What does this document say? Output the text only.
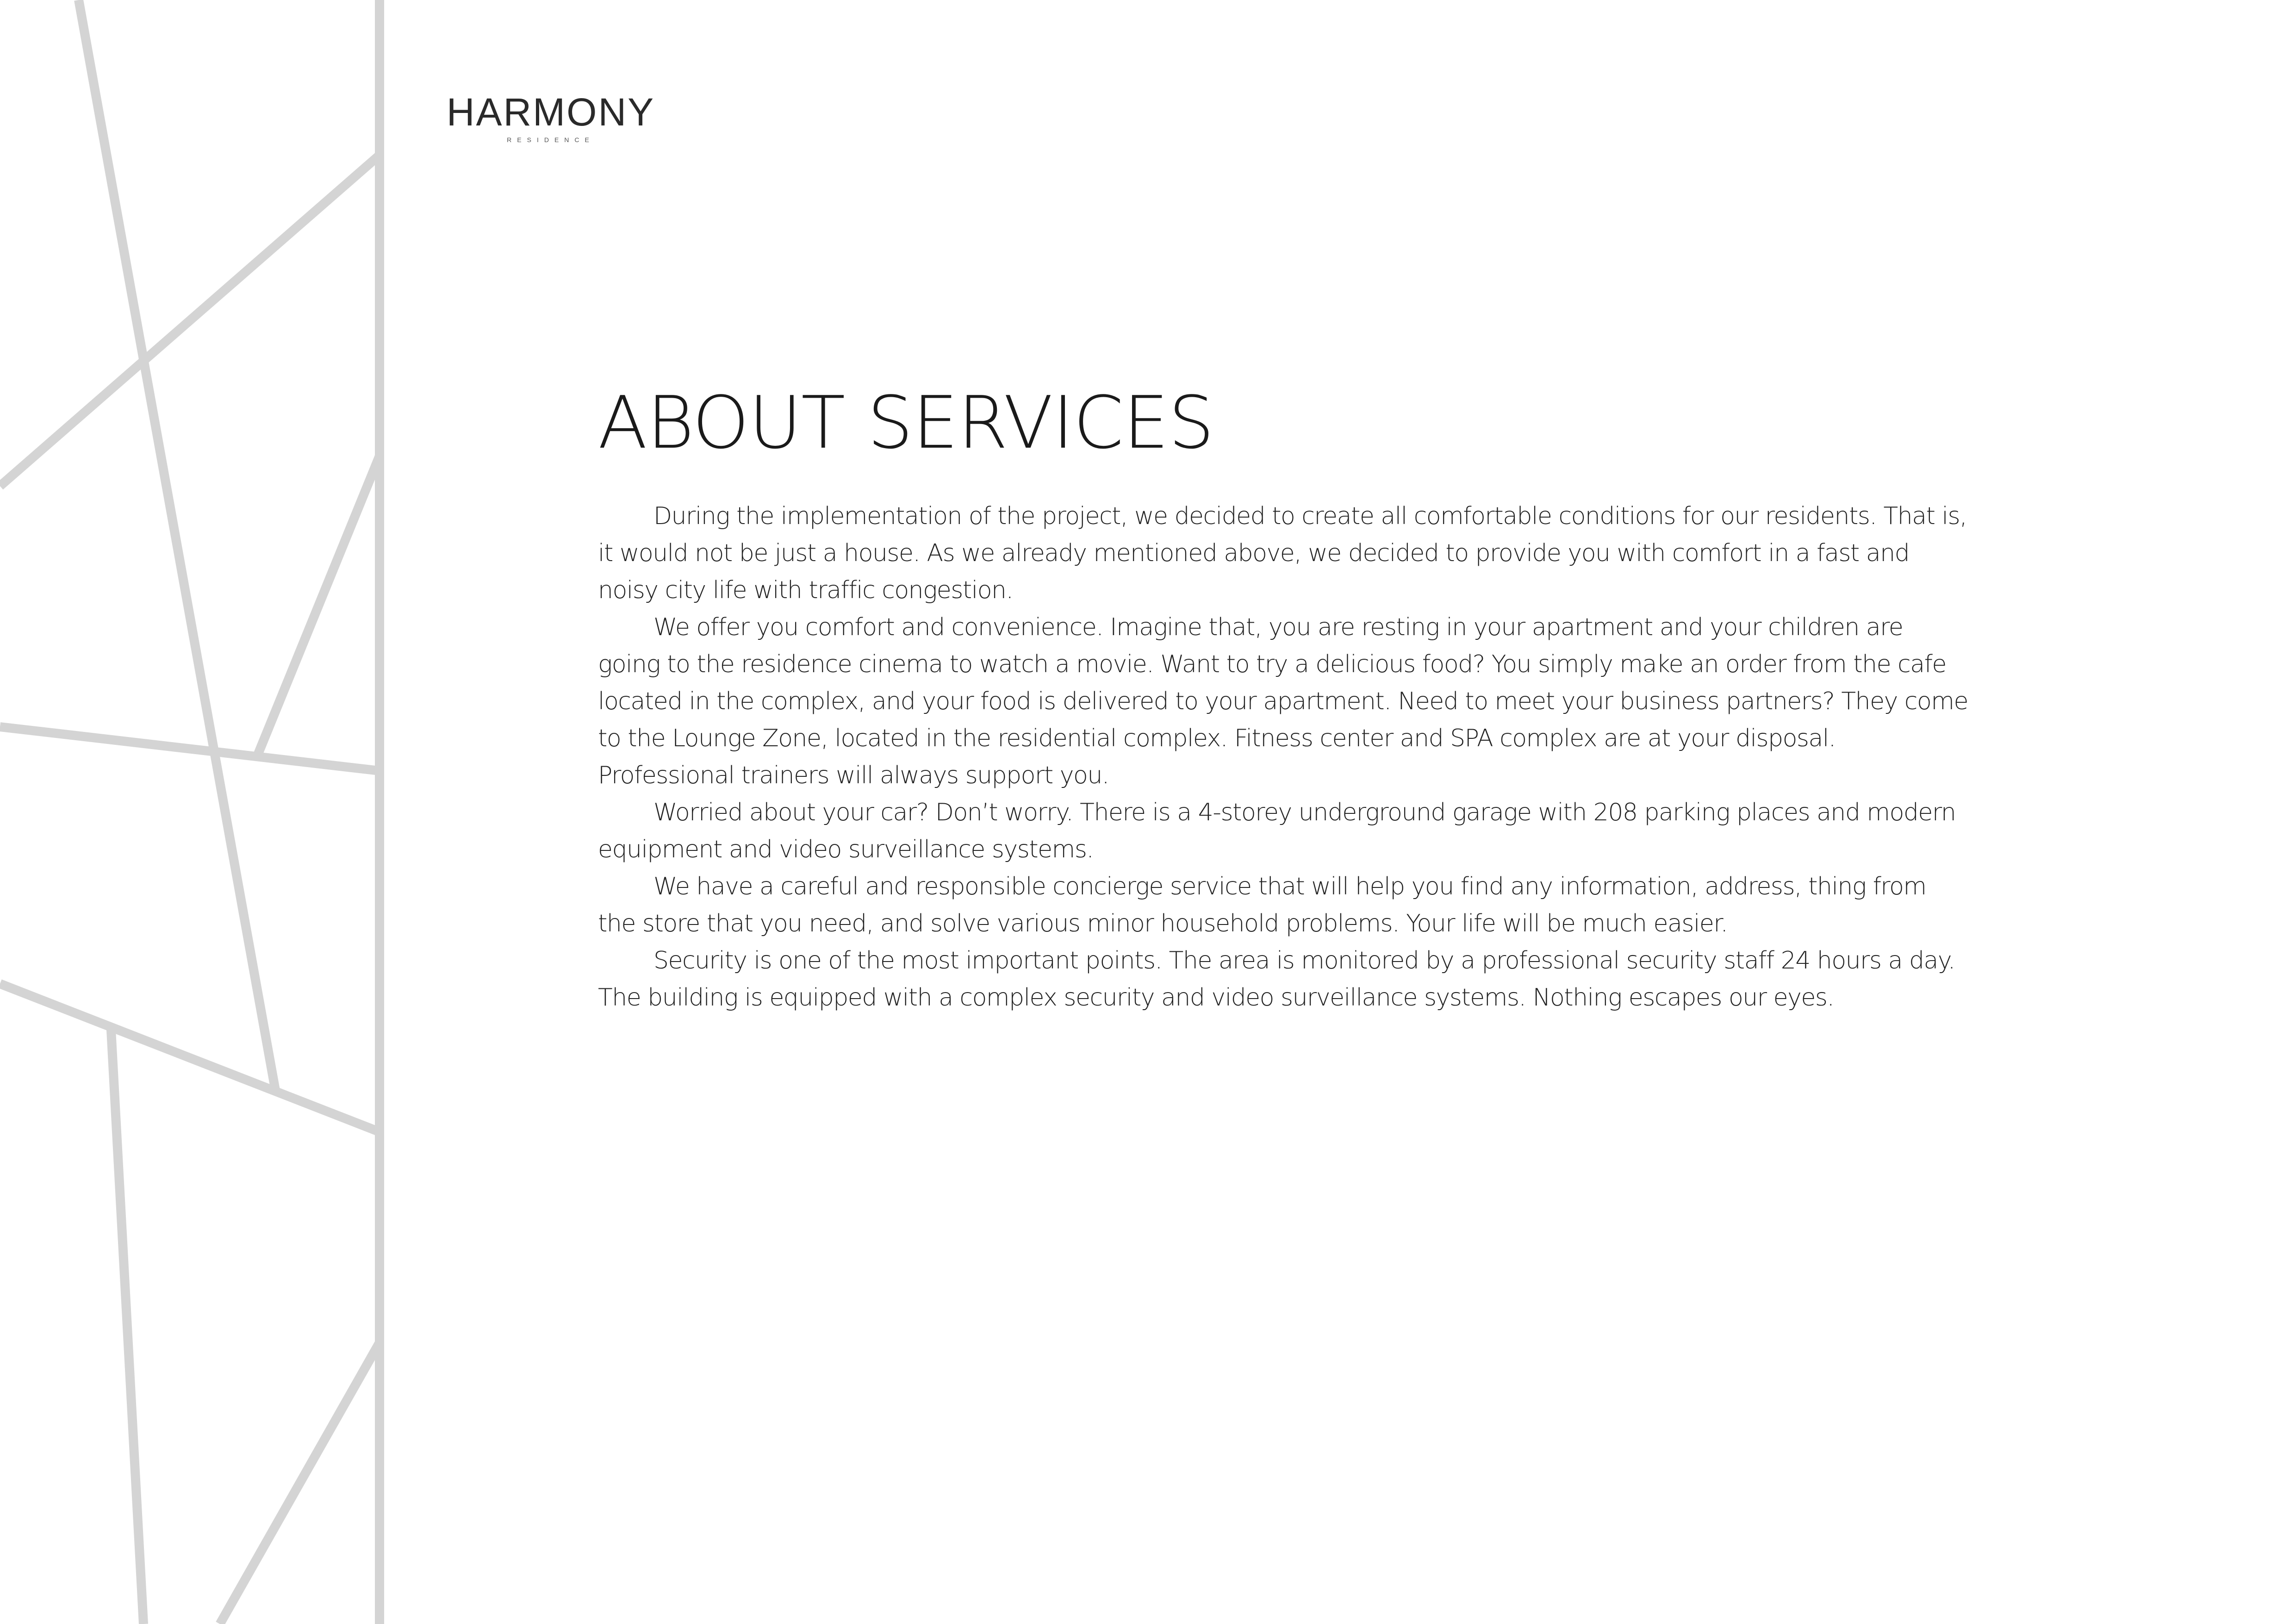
HARMONY
RESIDENCE
ABOUT SERVICES

During the implementation of the project, we decided to create all comfortable conditions for our residents. That is, it would not be just a house. As we already mentioned above, we decided to provide you with comfort in a fast and noisy city life with traffic congestion.

We offer you comfort and convenience. Imagine that, you are resting in your apartment and your children are going to the residence cinema to watch a movie. Want to try a delicious food? You simply make an order from the cafe located in the complex, and your food is delivered to your apartment. Need to meet your business partners? They come to the Lounge Zone, located in the residential complex. Fitness center and SPA complex are at your disposal. Professional trainers will always support you.

Worried about your car? Don’t worry. There is a 4-storey underground garage with 208 parking places and modern equipment and video surveillance systems.

We have a careful and responsible concierge service that will help you find any information, address, thing from the store that you need, and solve various minor household problems. Your life will be much easier.

Security is one of the most important points. The area is monitored by a professional security staff 24 hours a day. The building is equipped with a complex security and video surveillance systems. Nothing escapes our eyes.
